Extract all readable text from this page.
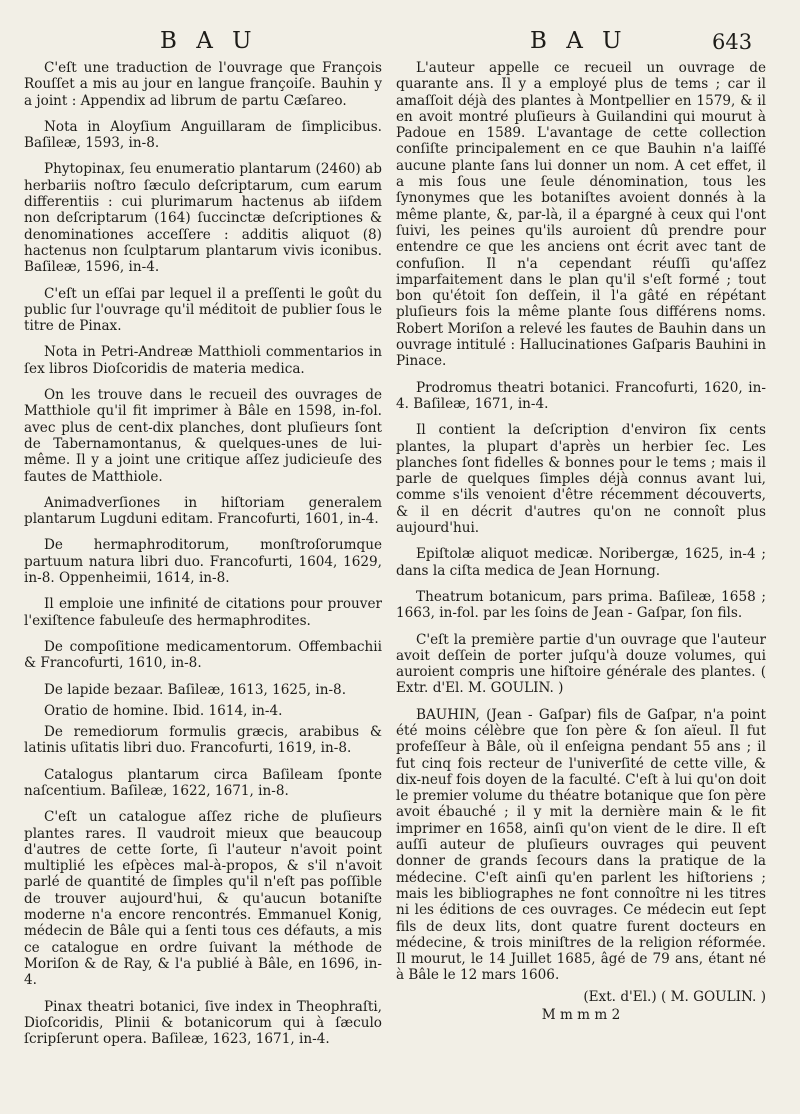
B A U	B A U	643

C'eſt une traduction de l'ouvrage que François Rouſſet a mis au jour en langue françoiſe. Bauhin y a joint : Appendix ad librum de partu Cæſareo.

Nota in Aloyſium Anguillaram de ſimplicibus. Baſileæ, 1593, in-8.

Phytopinax, ſeu enumeratio plantarum (2460) ab herbariis noſtro ſæculo deſcriptarum, cum earum differentiis : cui plurimarum hactenus ab iiſdem non deſcriptarum (164) ſuccinctæ deſcriptiones & denominationes acceſſere : additis aliquot (8) hactenus non ſculptarum plantarum vivis iconibus. Baſileæ, 1596, in-4.

C'eſt un eſſai par lequel il a preſſenti le goût du public ſur l'ouvrage qu'il méditoit de publier ſous le titre de Pinax.

Nota in Petri-Andreæ Matthioli commentarios in ſex libros Dioſcoridis de materia medica.

On les trouve dans le recueil des ouvrages de Matthiole qu'il fit imprimer à Bâle en 1598, in-fol. avec plus de cent-dix planches, dont pluſieurs ſont de Tabernamontanus, & quelques-unes de lui-même. Il y a joint une critique aſſez judicieuſe des fautes de Matthiole.

Animadverſiones in hiſtoriam generalem plantarum Lugduni editam. Francofurti, 1601, in-4.

De hermaphroditorum, monſtroſorumque partuum natura libri duo. Francofurti, 1604, 1629, in-8. Oppenheimii, 1614, in-8.

Il emploie une infinité de citations pour prouver l'exiſtence fabuleuſe des hermaphrodites.

De compoſitione medicamentorum. Offembachii & Francofurti, 1610, in-8.

De lapide bezaar. Baſileæ, 1613, 1625, in-8.

Oratio de homine. Ibid. 1614, in-4.

De remediorum formulis græcis, arabibus & latinis uſitatis libri duo. Francofurti, 1619, in-8.

Catalogus plantarum circa Baſileam ſponte naſcentium. Baſileæ, 1622, 1671, in-8.

C'eſt un catalogue aſſez riche de pluſieurs plantes rares. Il vaudroit mieux que beaucoup d'autres de cette ſorte, ſi l'auteur n'avoit point multiplié les eſpèces mal-à-propos, & s'il n'avoit parlé de quantité de ſimples qu'il n'eſt pas poſſible de trouver aujourd'hui, & qu'aucun botaniſte moderne n'a encore rencontrés. Emmanuel Konig, médecin de Bâle qui a ſenti tous ces défauts, a mis ce catalogue en ordre ſuivant la méthode de Moriſon & de Ray, & l'a publié à Bâle, en 1696, in-4.

Pinax theatri botanici, ſive index in Theophraſti, Dioſcoridis, Plinii & botanicorum qui à ſæculo ſcripſerunt opera. Baſileæ, 1623, 1671, in-4.

L'auteur appelle ce recueil un ouvrage de quarante ans. Il y a employé plus de tems ; car il amaſſoit déjà des plantes à Montpellier en 1579, & il en avoit montré pluſieurs à Guilandini qui mourut à Padoue en 1589. L'avantage de cette collection conſiſte principalement en ce que Bauhin n'a laiſſé aucune plante ſans lui donner un nom. A cet effet, il a mis ſous une ſeule dénomination, tous les ſynonymes que les botaniſtes avoient donnés à la même plante, &, par-là, il a épargné à ceux qui l'ont ſuivi, les peines qu'ils auroient dû prendre pour entendre ce que les anciens ont écrit avec tant de confuſion. Il n'a cependant réuſſi qu'aſſez imparfaitement dans le plan qu'il s'eſt formé ; tout bon qu'étoit ſon deſſein, il l'a gâté en répétant pluſieurs fois la même plante ſous différens noms. Robert Moriſon a relevé les fautes de Bauhin dans un ouvrage intitulé : Hallucinationes Gaſparis Bauhini in Pinace.

Prodromus theatri botanici. Francofurti, 1620, in-4. Baſileæ, 1671, in-4.

Il contient la deſcription d'environ ſix cents plantes, la plupart d'après un herbier ſec. Les planches ſont fidelles & bonnes pour le tems ; mais il parle de quelques ſimples déjà connus avant lui, comme s'ils venoient d'être récemment découverts, & il en décrit d'autres qu'on ne connoît plus aujourd'hui.

Epiſtolæ aliquot medicæ. Noribergæ, 1625, in-4 ; dans la ciſta medica de Jean Hornung.

Theatrum botanicum, pars prima. Baſileæ, 1658 ; 1663, in-fol. par les ſoins de Jean - Gaſpar, ſon fils.

C'eſt la première partie d'un ouvrage que l'auteur avoit deſſein de porter juſqu'à douze volumes, qui auroient compris une hiſtoire générale des plantes. ( Extr. d'El. M. GOULIN. )

BAUHIN, (Jean - Gaſpar) fils de Gaſpar, n'a point été moins célèbre que ſon père & ſon aïeul. Il fut profeſſeur à Bâle, où il enſeigna pendant 55 ans ; il fut cinq fois recteur de l'univerſité de cette ville, & dix-neuf fois doyen de la faculté. C'eſt à lui qu'on doit le premier volume du théatre botanique que ſon père avoit ébauché ; il y mit la dernière main & le fit imprimer en 1658, ainſi qu'on vient de le dire. Il eſt auſſi auteur de pluſieurs ouvrages qui peuvent donner de grands ſecours dans la pratique de la médecine. C'eſt ainſi qu'en parlent les hiſtoriens ; mais les bibliographes ne font connoître ni les titres ni les éditions de ces ouvrages. Ce médecin eut ſept fils de deux lits, dont quatre furent docteurs en médecine, & trois miniſtres de la religion réformée. Il mourut, le 14 Juillet 1685, âgé de 79 ans, étant né à Bâle le 12 mars 1606.

(Ext. d'El.) ( M. GOULIN. )

M m m m 2
